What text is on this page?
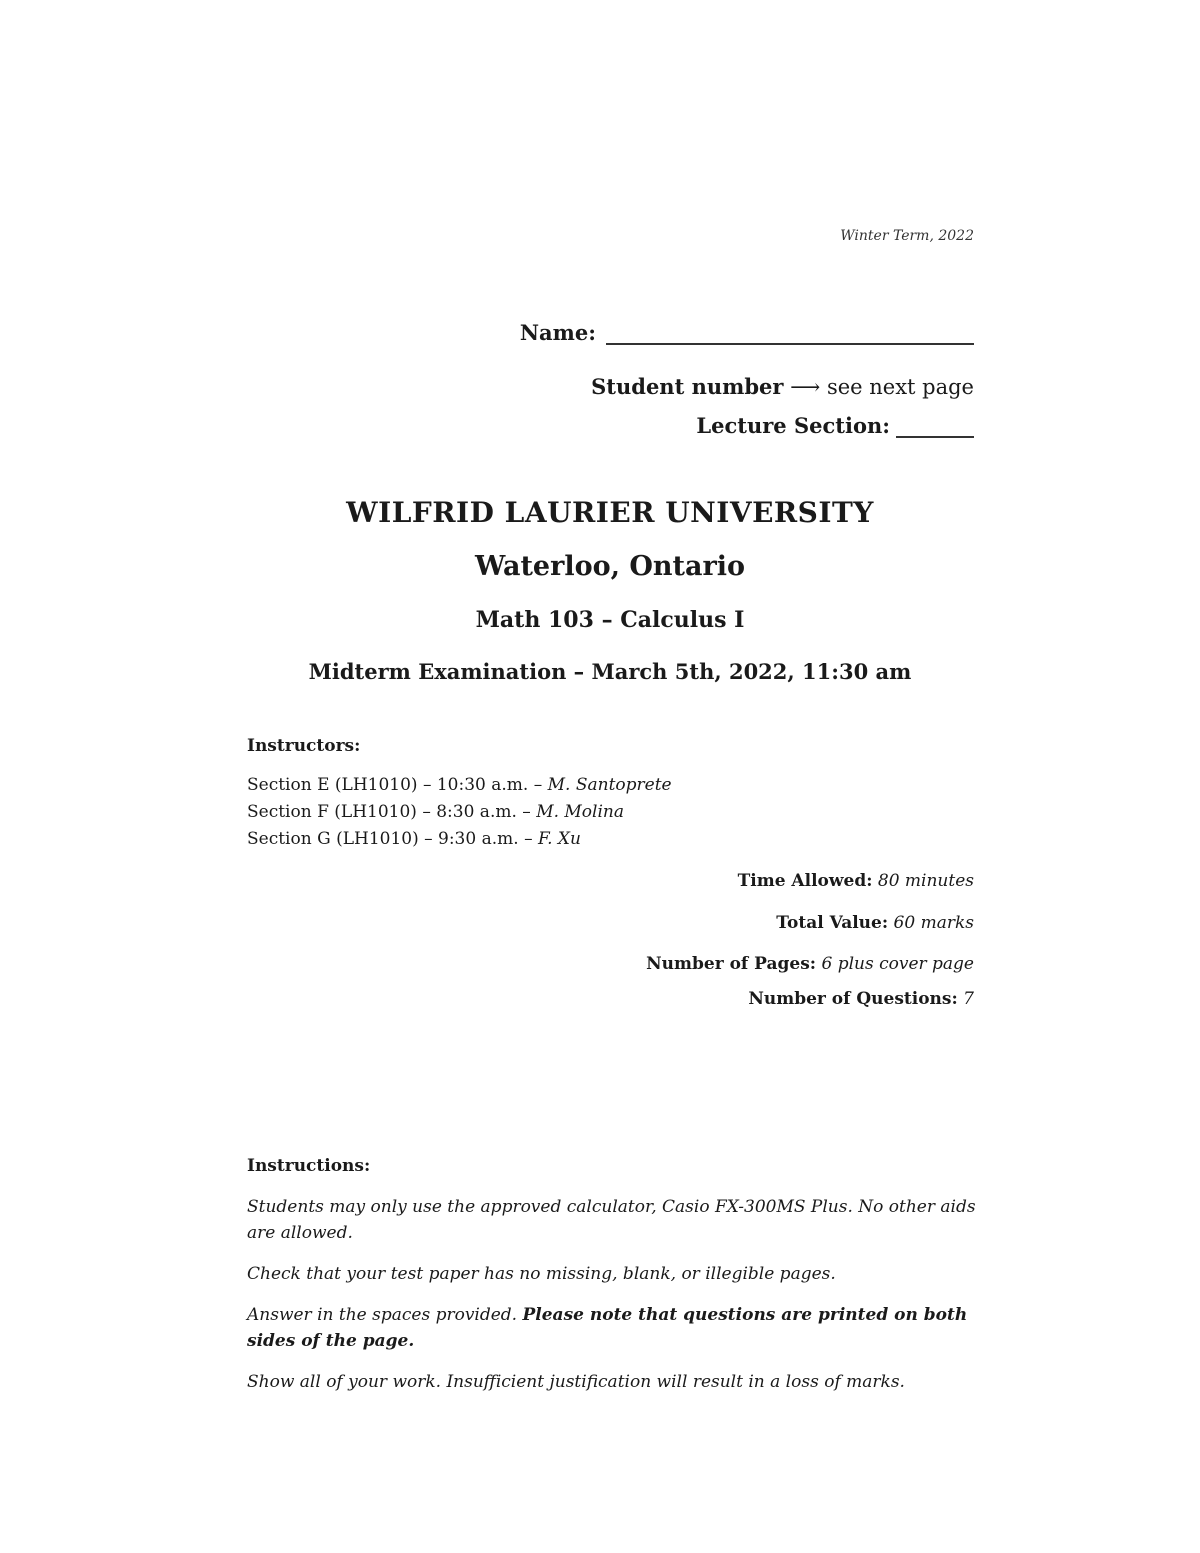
Winter Term, 2022
Name:
Student number ⟶ see next page
Lecture Section:
WILFRID LAURIER UNIVERSITY
Waterloo, Ontario
Math 103 – Calculus I
Midterm Examination – March 5th, 2022, 11:30 am
Instructors:
Section E (LH1010) – 10:30 a.m. – M. Santoprete
Section F (LH1010) – 8:30 a.m. – M. Molina
Section G (LH1010) – 9:30 a.m. – F. Xu
Time Allowed: 80 minutes
Total Value: 60 marks
Number of Pages: 6 plus cover page
Number of Questions: 7
Instructions:

Students may only use the approved calculator, Casio FX-300MS Plus. No other aids are allowed.

Check that your test paper has no missing, blank, or illegible pages.

Answer in the spaces provided. Please note that questions are printed on both sides of the page.

Show all of your work. Insufficient justification will result in a loss of marks.
